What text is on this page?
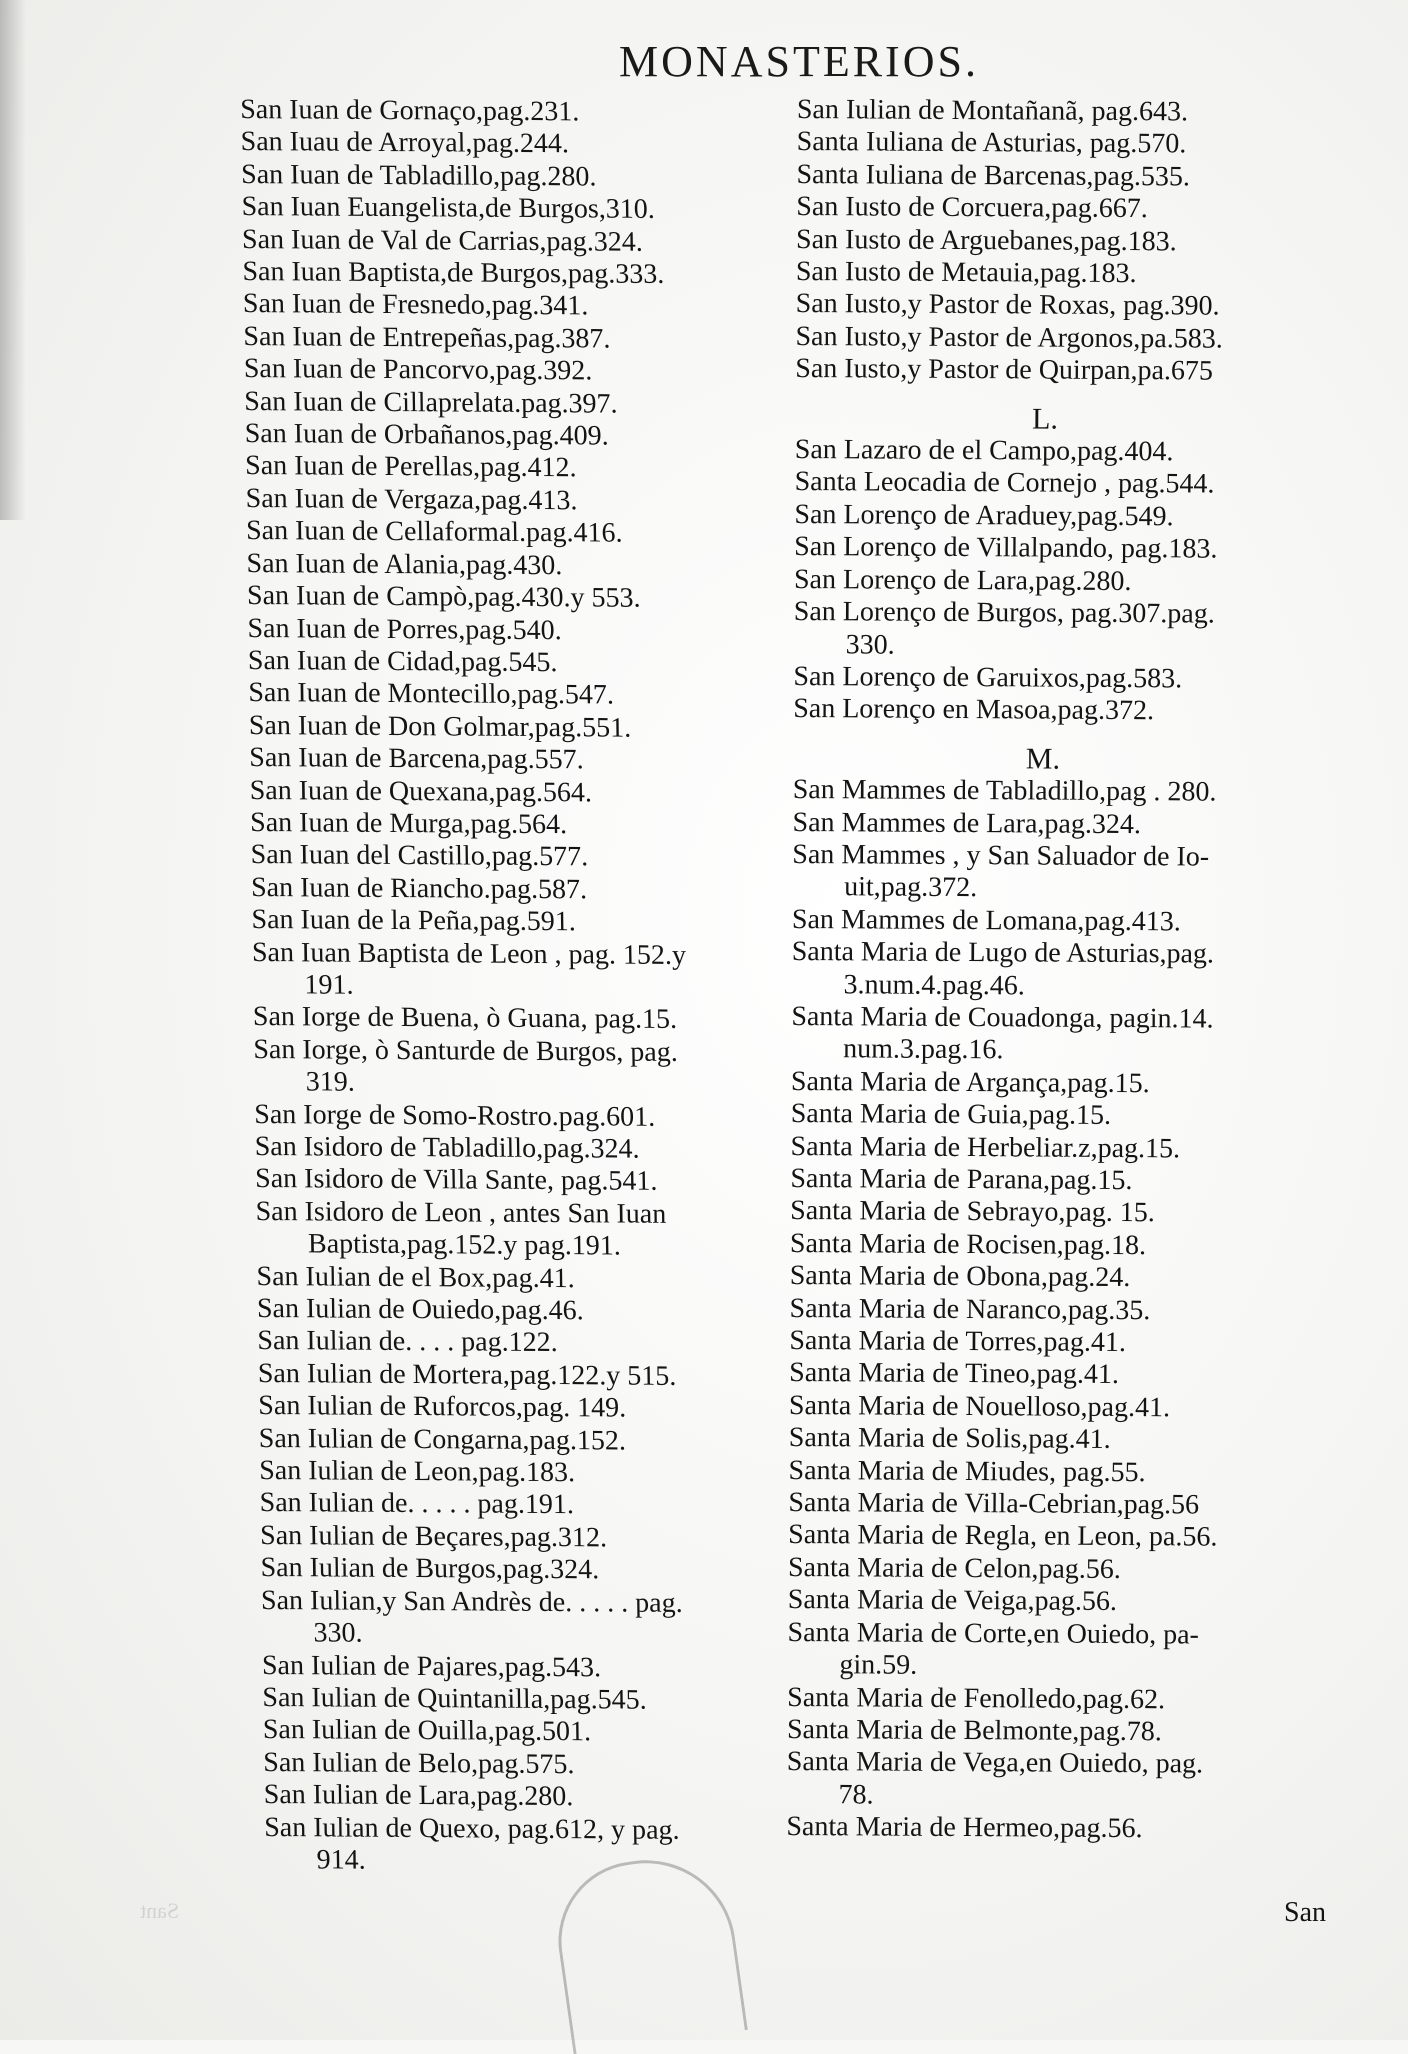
MONASTERIOS.
San Iuan de Gornaço,pag.231.
San Iuau de Arroyal,pag.244.
San Iuan de Tabladillo,pag.280.
San Iuan Euangelista,de Burgos,310.
San Iuan de Val de Carrias,pag.324.
San Iuan Baptista,de Burgos,pag.333.
San Iuan de Fresnedo,pag.341.
San Iuan de Entrepeñas,pag.387.
San Iuan de Pancorvo,pag.392.
San Iuan de Cillaprelata.pag.397.
San Iuan de Orbañanos,pag.409.
San Iuan de Perellas,pag.412.
San Iuan de Vergaza,pag.413.
San Iuan de Cellaformal.pag.416.
San Iuan de Alania,pag.430.
San Iuan de Campò,pag.430.y 553.
San Iuan de Porres,pag.540.
San Iuan de Cidad,pag.545.
San Iuan de Montecillo,pag.547.
San Iuan de Don Golmar,pag.551.
San Iuan de Barcena,pag.557.
San Iuan de Quexana,pag.564.
San Iuan de Murga,pag.564.
San Iuan del Castillo,pag.577.
San Iuan de Riancho.pag.587.
San Iuan de la Peña,pag.591.
San Iuan Baptista de Leon , pag. 152.y
191.
San Iorge de Buena, ò Guana, pag.15.
San Iorge, ò Santurde de Burgos, pag.
319.
San Iorge de Somo-Rostro.pag.601.
San Isidoro de Tabladillo,pag.324.
San Isidoro de Villa Sante, pag.541.
San Isidoro de Leon , antes San Iuan
Baptista,pag.152.y pag.191.
San Iulian de el Box,pag.41.
San Iulian de Ouiedo,pag.46.
San Iulian de. . . . pag.122.
San Iulian de Mortera,pag.122.y 515.
San Iulian de Ruforcos,pag. 149.
San Iulian de Congarna,pag.152.
San Iulian de Leon,pag.183.
San Iulian de. . . . . pag.191.
San Iulian de Beçares,pag.312.
San Iulian de Burgos,pag.324.
San Iulian,y San Andrès de. . . . . pag.
330.
San Iulian de Pajares,pag.543.
San Iulian de Quintanilla,pag.545.
San Iulian de Ouilla,pag.501.
San Iulian de Belo,pag.575.
San Iulian de Lara,pag.280.
San Iulian de Quexo, pag.612, y pag.
914.
San Iulian de Montañanã, pag.643.
Santa Iuliana de Asturias, pag.570.
Santa Iuliana de Barcenas,pag.535.
San Iusto de Corcuera,pag.667.
San Iusto de Arguebanes,pag.183.
San Iusto de Metauia,pag.183.
San Iusto,y Pastor de Roxas, pag.390.
San Iusto,y Pastor de Argonos,pa.583.
San Iusto,y Pastor de Quirpan,pa.675
L.
San Lazaro de el Campo,pag.404.
Santa Leocadia de Cornejo , pag.544.
San Lorenço de Araduey,pag.549.
San Lorenço de Villalpando, pag.183.
San Lorenço de Lara,pag.280.
San Lorenço de Burgos, pag.307.pag.
330.
San Lorenço de Garuixos,pag.583.
San Lorenço en Masoa,pag.372.
M.
San Mammes de Tabladillo,pag . 280.
San Mammes de Lara,pag.324.
San Mammes , y San Saluador de Io-
uit,pag.372.
San Mammes de Lomana,pag.413.
Santa Maria de Lugo de Asturias,pag.
3.num.4.pag.46.
Santa Maria de Couadonga, pagin.14.
num.3.pag.16.
Santa Maria de Argança,pag.15.
Santa Maria de Guia,pag.15.
Santa Maria de Herbeliar.z,pag.15.
Santa Maria de Parana,pag.15.
Santa Maria de Sebrayo,pag. 15.
Santa Maria de Rocisen,pag.18.
Santa Maria de Obona,pag.24.
Santa Maria de Naranco,pag.35.
Santa Maria de Torres,pag.41.
Santa Maria de Tineo,pag.41.
Santa Maria de Nouelloso,pag.41.
Santa Maria de Solis,pag.41.
Santa Maria de Miudes, pag.55.
Santa Maria de Villa-Cebrian,pag.56
Santa Maria de Regla, en Leon, pa.56.
Santa Maria de Celon,pag.56.
Santa Maria de Veiga,pag.56.
Santa Maria de Corte,en Ouiedo, pa-
gin.59.
Santa Maria de Fenolledo,pag.62.
Santa Maria de Belmonte,pag.78.
Santa Maria de Vega,en Ouiedo, pag.
78.
Santa Maria de Hermeo,pag.56.
Sant	San
